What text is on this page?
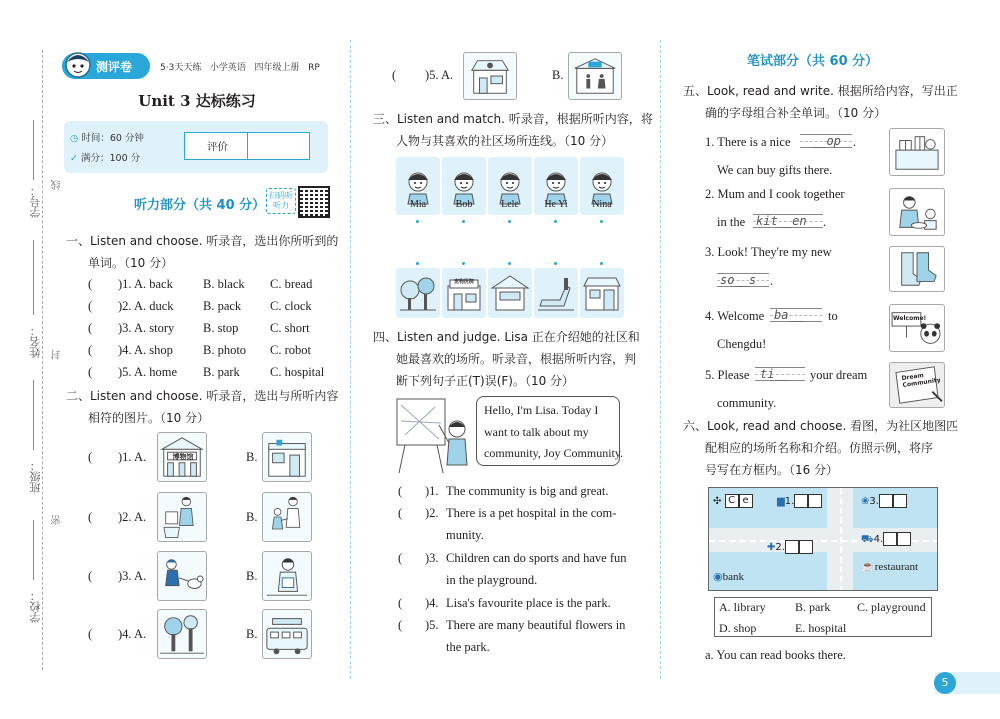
学号： 线
姓名： 封
班级：
密
学校：
测评卷	5·3天天练 小学英语 四年级上册 RP
Unit 3 达标练习
◷ 时间：60 分钟
✓ 满分：100 分
评价
听力部分（共 40 分）
扫码听听力
一、Listen and choose. 听录音，选出你所听到的
单词。（10 分）
( )1. A. back B. black C. bread
( )2. A. duck B. pack C. clock
( )3. A. story B. stop	C. short
( )4. A. shop B. photo C. robot
( )5. A. home B. park C. hospital
二、Listen and choose. 听录音，选出与所听内容
相符的图片。（10 分）
( )1. A.	博物馆	B.
( )2. A.	B.
( )3. A.	B.
( )4. A.	B.
( )5. A.	B.
三、Listen and match. 听录音，根据所听内容，将
人物与其喜欢的社区场所连线。（10 分）
Mia	Bob	Lele	He Yi	Nina
宠物医院
四、Listen and judge. Lisa 正在介绍她的社区和
她最喜欢的场所。听录音，根据所听内容，判
断下列句子正(T)误(F)。（10 分）
Hello, I'm Lisa. Today I
want to talk about my
community, Joy Community.
( )1. The community is big and great.
( )2. There is a pet hospital in the com-
munity.
( )3. Children can do sports and have fun
in the playground.
( )4. Lisa's favourite place is the park.
( )5. There are many beautiful flowers in
the park.
笔试部分（共 60 分）
五、Look, read and write. 根据所给内容，写出正
确的字母组合补全单词。（10 分）
1. There is a nice __op .
We can buy gifts there.
2. Mum and I cook together
in the kit__en .
3. Look! They're my new
so__s .
4. Welcome ba__ to
Chengdu!
Welcome!
5. Please ti__ your dream
community.
Dream Community
六、Look, read and choose. 看图，为社区地图匹
配相应的场所名称和介绍。仿照示例，将序
号写在方框内。（16 分）
✣ C e	▆1.	❀3.
✚2.
⛟4.
◉bank
☕restaurant
A. library B. park C. playground
D. shop	E. hospital
a. You can read books there.
5
